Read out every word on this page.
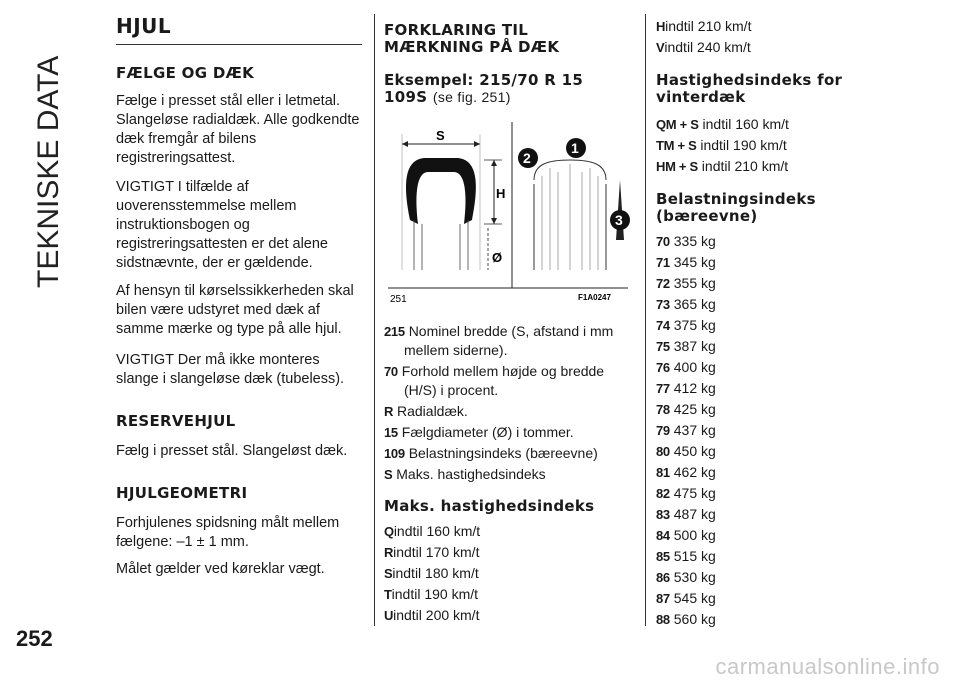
TEKNISKE DATA
252
HJUL
FÆLGE OG DÆK

Fælge i presset stål eller i letmetal. Slangeløse radialdæk. Alle godkendte dæk fremgår af bilens registreringsattest.

VIGTIGT I tilfælde af uoverensstemmelse mellem instruktionsbogen og registreringsattesten er det alene sidstnævnte, der er gældende.

Af hensyn til kørselssikkerheden skal bilen være udstyret med dæk af samme mærke og type på alle hjul.

VIGTIGT Der må ikke monteres slange i slangeløse dæk (tubeless).

RESERVEHJUL

Fælg i presset stål. Slangeløst dæk.

HJULGEOMETRI

Forhjulenes spidsning målt mellem fælgene: –1 ± 1 mm.

Målet gælder ved køreklar vægt.

FORKLARING TIL
MÆRKNING PÅ DÆK
Eksempel: 215/70 R 15
109S (se fig. 251)
S
H
Ø
2
1
3
251	F1A0247

215 Nominel bredde (S, afstand i mm mellem siderne).

70 Forhold mellem højde og bredde (H/S) i procent.

R Radialdæk.

15 Fælgdiameter (Ø) i tommer.

109 Belastningsindeks (bæreevne)

S Maks. hastighedsindeks

Maks. hastighedsindeks

Qindtil 160 km/t

Rindtil 170 km/t

Sindtil 180 km/t

Tindtil 190 km/t

Uindtil 200 km/t

Hindtil 210 km/t

Vindtil 240 km/t

Hastighedsindeks for
vinterdæk

QM + S indtil 160 km/t

TM + S indtil 190 km/t

HM + S indtil 210 km/t

Belastningsindeks
(bæreevne)

70 335 kg

71 345 kg

72 355 kg

73 365 kg

74 375 kg

75 387 kg

76 400 kg

77 412 kg

78 425 kg

79 437 kg

80 450 kg

81 462 kg

82 475 kg

83 487 kg

84 500 kg

85 515 kg

86 530 kg

87 545 kg

88 560 kg

carmanualsonline.info
